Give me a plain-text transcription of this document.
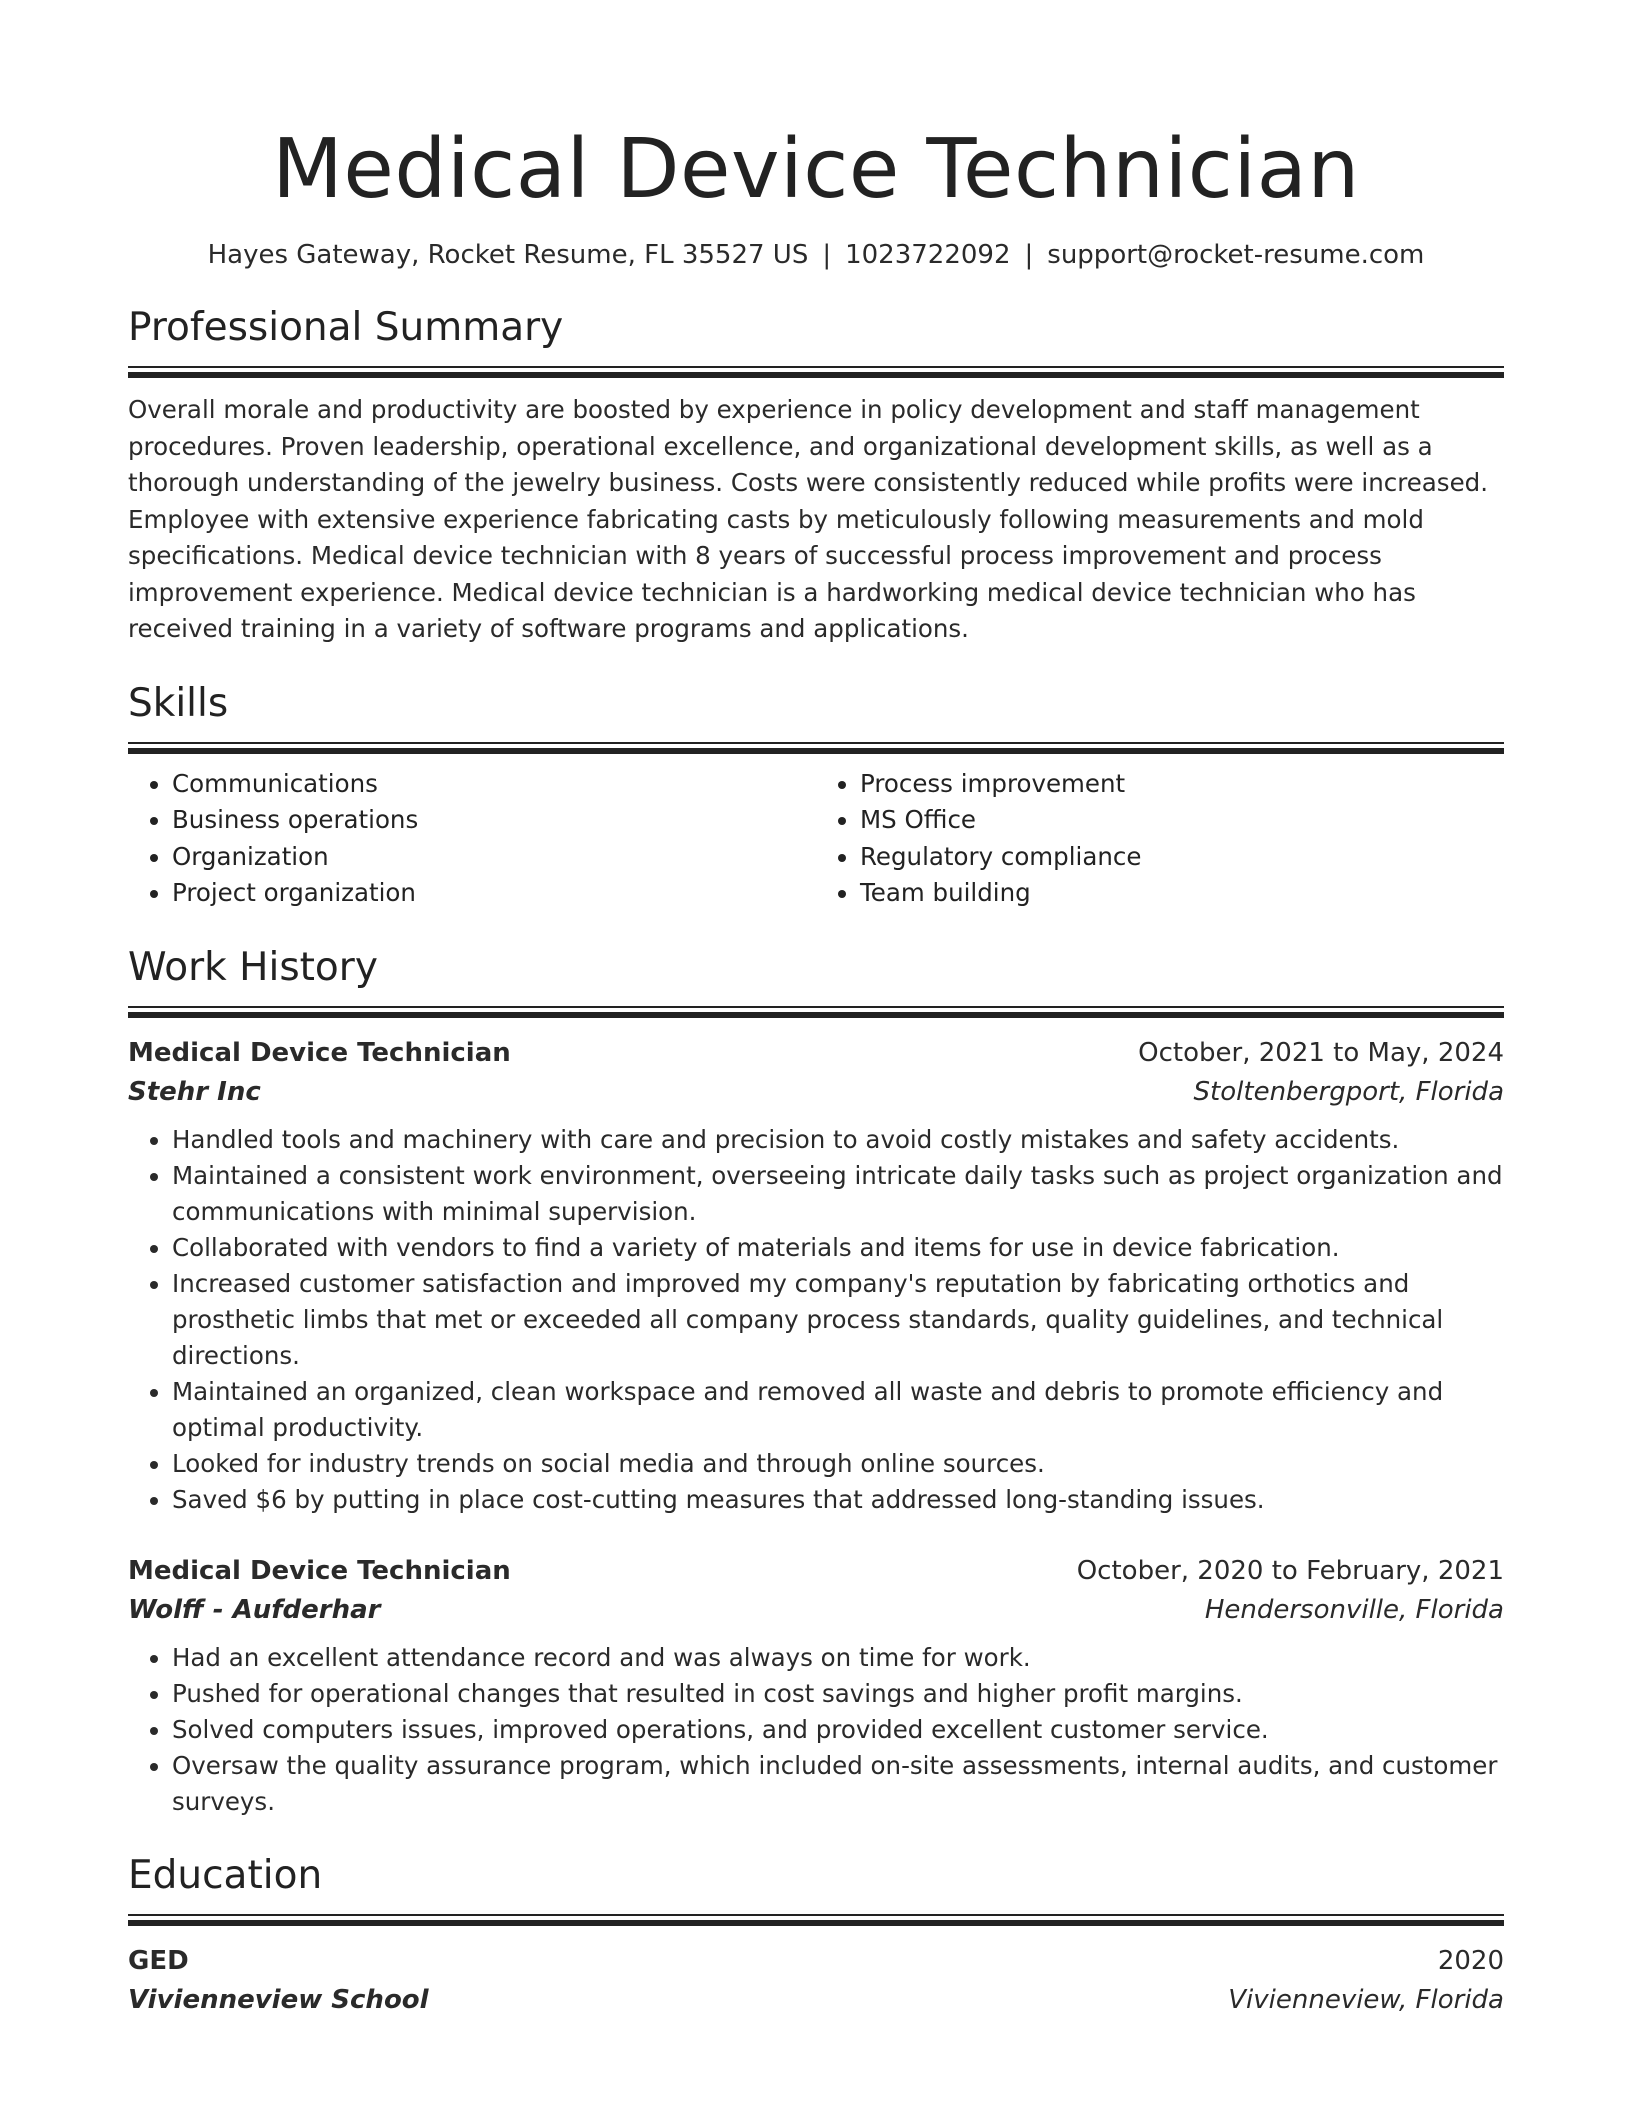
Medical Device Technician
Hayes Gateway, Rocket Resume, FL 35527 US | 1023722092 | support@rocket-resume.com
Professional Summary
Overall morale and productivity are boosted by experience in policy development and staff management procedures. Proven leadership, operational excellence, and organizational development skills, as well as a thorough understanding of the jewelry business. Costs were consistently reduced while profits were increased. Employee with extensive experience fabricating casts by meticulously following measurements and mold specifications. Medical device technician with 8 years of successful process improvement and process improvement experience. Medical device technician is a hardworking medical device technician who has received training in a variety of software programs and applications.
Skills
• Communications
• Business operations
• Organization
• Project organization
• Process improvement
• MS Office
• Regulatory compliance
• Team building
Work History
Medical Device Technician	October, 2021 to May, 2024
Stehr Inc	Stoltenbergport, Florida
• Handled tools and machinery with care and precision to avoid costly mistakes and safety accidents.
• Maintained a consistent work environment, overseeing intricate daily tasks such as project organization and communications with minimal supervision.
• Collaborated with vendors to find a variety of materials and items for use in device fabrication.
• Increased customer satisfaction and improved my company's reputation by fabricating orthotics and prosthetic limbs that met or exceeded all company process standards, quality guidelines, and technical directions.
• Maintained an organized, clean workspace and removed all waste and debris to promote efficiency and optimal productivity.
• Looked for industry trends on social media and through online sources.
• Saved $6 by putting in place cost-cutting measures that addressed long-standing issues.
Medical Device Technician	October, 2020 to February, 2021
Wolff - Aufderhar	Hendersonville, Florida
• Had an excellent attendance record and was always on time for work.
• Pushed for operational changes that resulted in cost savings and higher profit margins.
• Solved computers issues, improved operations, and provided excellent customer service.
• Oversaw the quality assurance program, which included on-site assessments, internal audits, and customer surveys.
Education
GED	2020
Vivienneview School	Vivienneview, Florida
